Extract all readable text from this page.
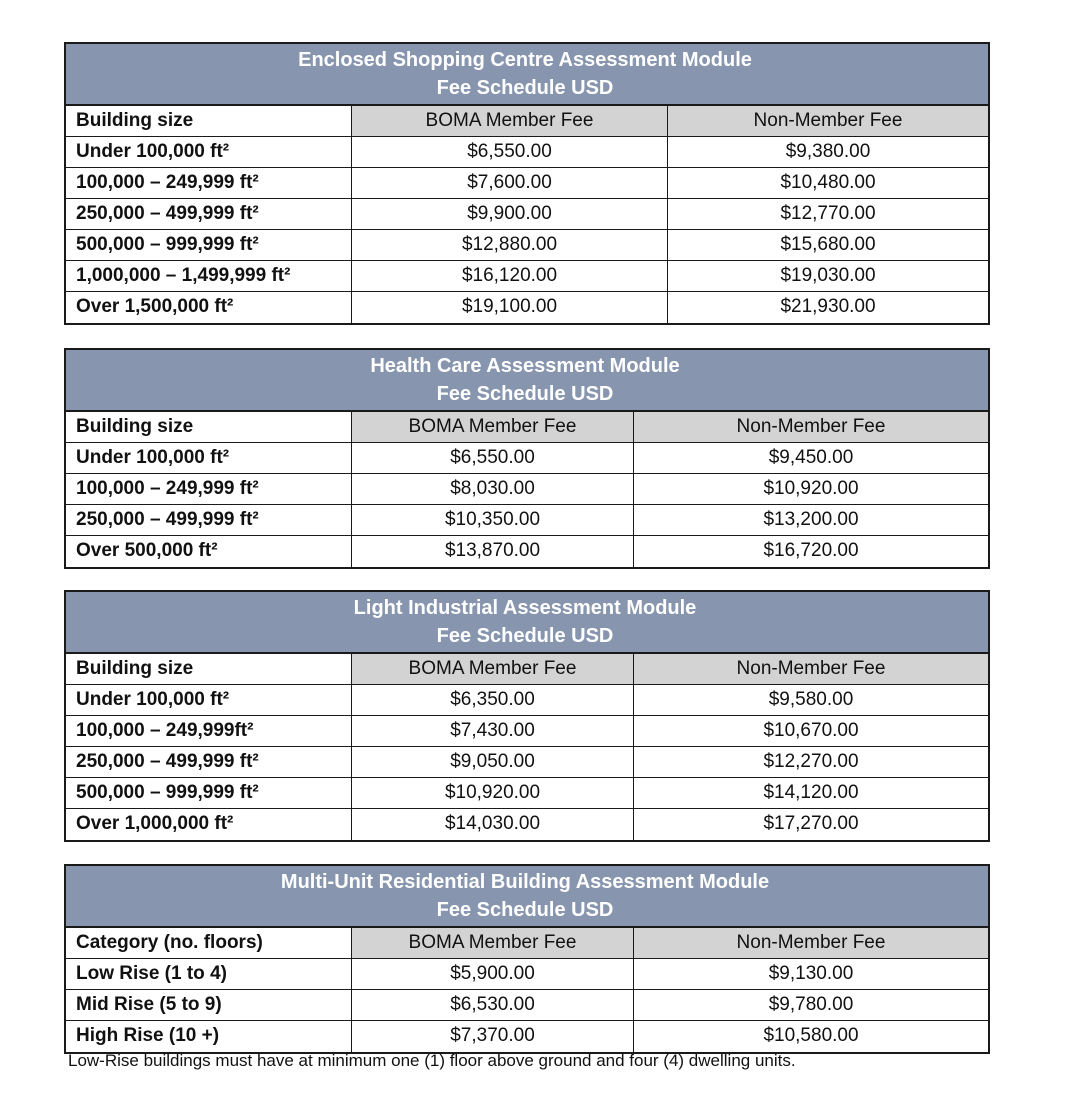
Enclosed Shopping Centre Assessment Module
Fee Schedule USD
Building size	BOMA Member Fee	Non-Member Fee
Under 100,000 ft²	$6,550.00	$9,380.00
100,000 – 249,999 ft²	$7,600.00	$10,480.00
250,000 – 499,999 ft²	$9,900.00	$12,770.00
500,000 – 999,999 ft²	$12,880.00	$15,680.00
1,000,000 – 1,499,999 ft²	$16,120.00	$19,030.00
Over 1,500,000 ft²	$19,100.00	$21,930.00
Health Care Assessment Module
Fee Schedule USD
Building size	BOMA Member Fee	Non-Member Fee
Under 100,000 ft²	$6,550.00	$9,450.00
100,000 – 249,999 ft²	$8,030.00	$10,920.00
250,000 – 499,999 ft²	$10,350.00	$13,200.00
Over 500,000 ft²	$13,870.00	$16,720.00
Light Industrial Assessment Module
Fee Schedule USD
Building size	BOMA Member Fee	Non-Member Fee
Under 100,000 ft²	$6,350.00	$9,580.00
100,000 – 249,999ft²	$7,430.00	$10,670.00
250,000 – 499,999 ft²	$9,050.00	$12,270.00
500,000 – 999,999 ft²	$10,920.00	$14,120.00
Over 1,000,000 ft²	$14,030.00	$17,270.00
Multi-Unit Residential Building Assessment Module
Fee Schedule USD
Category (no. floors)	BOMA Member Fee	Non-Member Fee
Low Rise (1 to 4)	$5,900.00	$9,130.00
Mid Rise (5 to 9)	$6,530.00	$9,780.00
High Rise (10 +)	$7,370.00	$10,580.00
Low-Rise buildings must have at minimum one (1) floor above ground and four (4) dwelling units.
